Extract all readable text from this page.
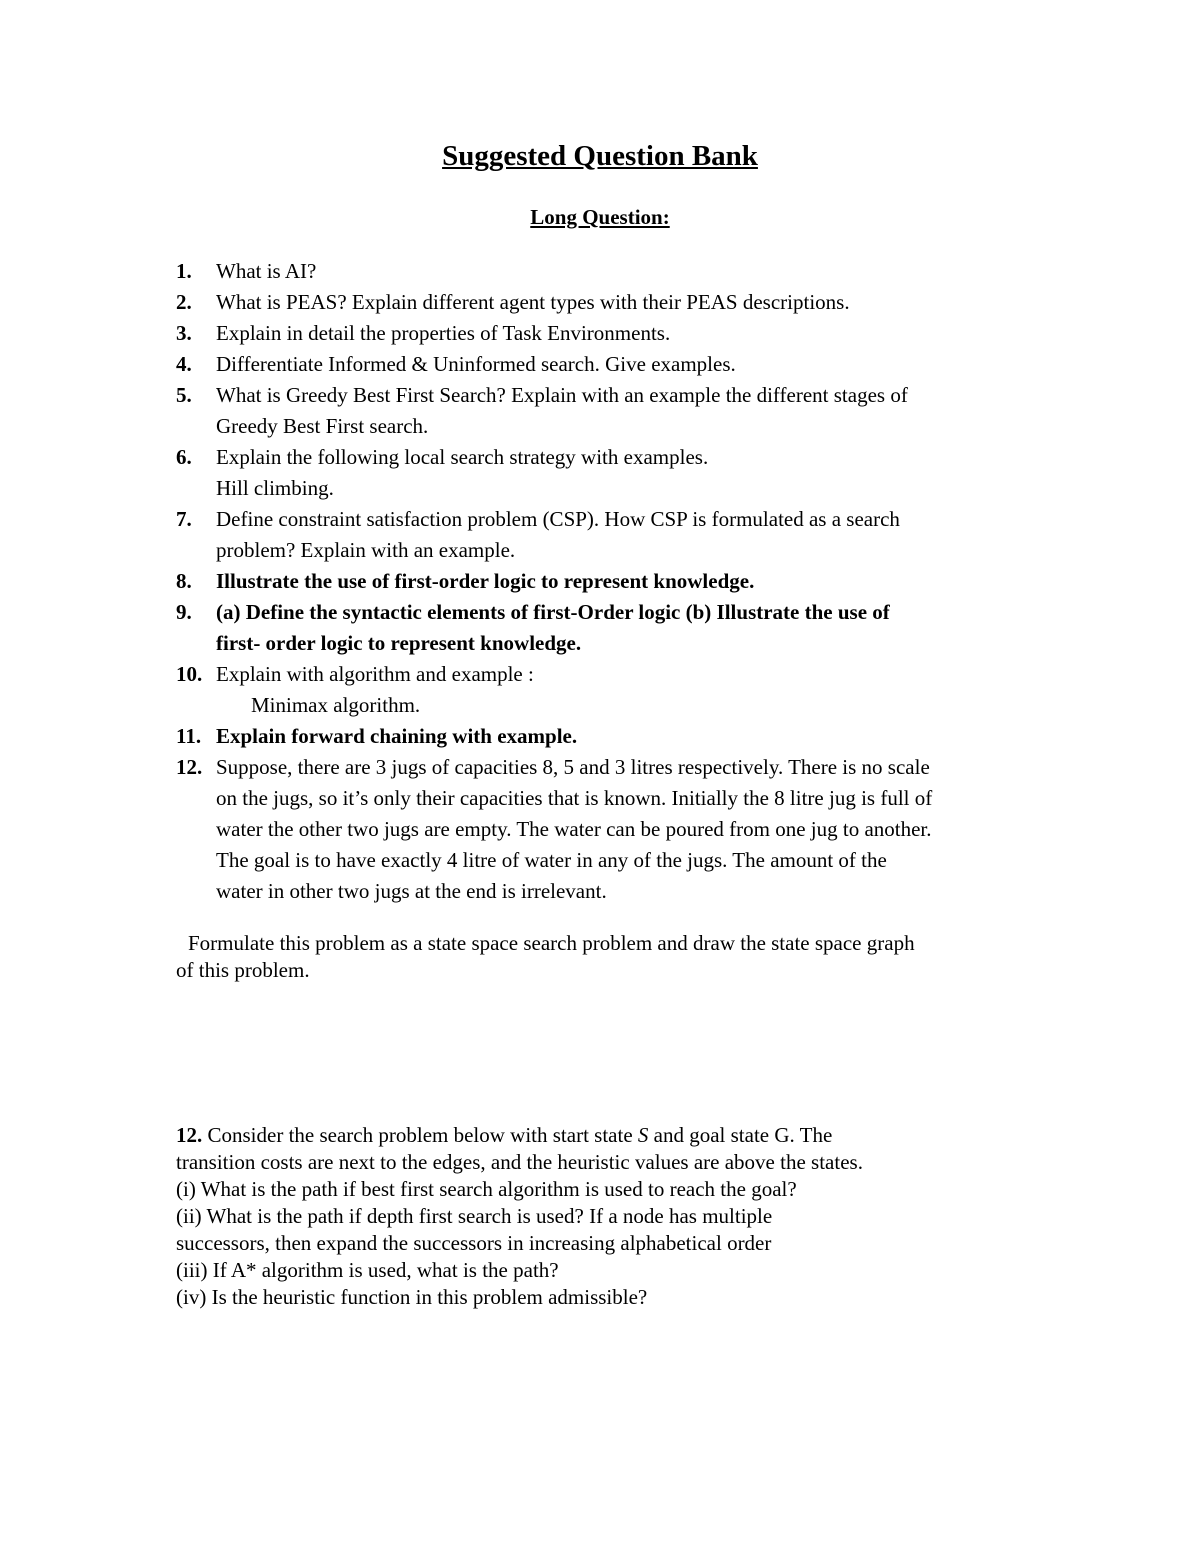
Suggested Question Bank
Long Question:
1.	What is AI?
2.	What is PEAS? Explain different agent types with their PEAS descriptions.
3.	Explain in detail the properties of Task Environments.
4.	Differentiate Informed & Uninformed search. Give examples.
5.	What is Greedy Best First Search? Explain with an example the different stages of
Greedy Best First search.
6.	Explain the following local search strategy with examples.
Hill climbing.
7.	Define constraint satisfaction problem (CSP). How CSP is formulated as a search
problem? Explain with an example.
8.	Illustrate the use of first-order logic to represent knowledge.
9.	(a) Define the syntactic elements of first-Order logic (b) Illustrate the use of
first- order logic to represent knowledge.
10. Explain with algorithm and example :
Minimax algorithm.
11. Explain forward chaining with example.
12. Suppose, there are 3 jugs of capacities 8, 5 and 3 litres respectively. There is no scale
on the jugs, so it’s only their capacities that is known. Initially the 8 litre jug is full of
water the other two jugs are empty. The water can be poured from one jug to another.
The goal is to have exactly 4 litre of water in any of the jugs. The amount of the
water in other two jugs at the end is irrelevant.
Formulate this problem as a state space search problem and draw the state space graph
of this problem.
12. Consider the search problem below with start state S and goal state G. The
transition costs are next to the edges, and the heuristic values are above the states.
(i) What is the path if best first search algorithm is used to reach the goal?
(ii) What is the path if depth first search is used? If a node has multiple
successors, then expand the successors in increasing alphabetical order
(iii) If A* algorithm is used, what is the path?
(iv) Is the heuristic function in this problem admissible?
